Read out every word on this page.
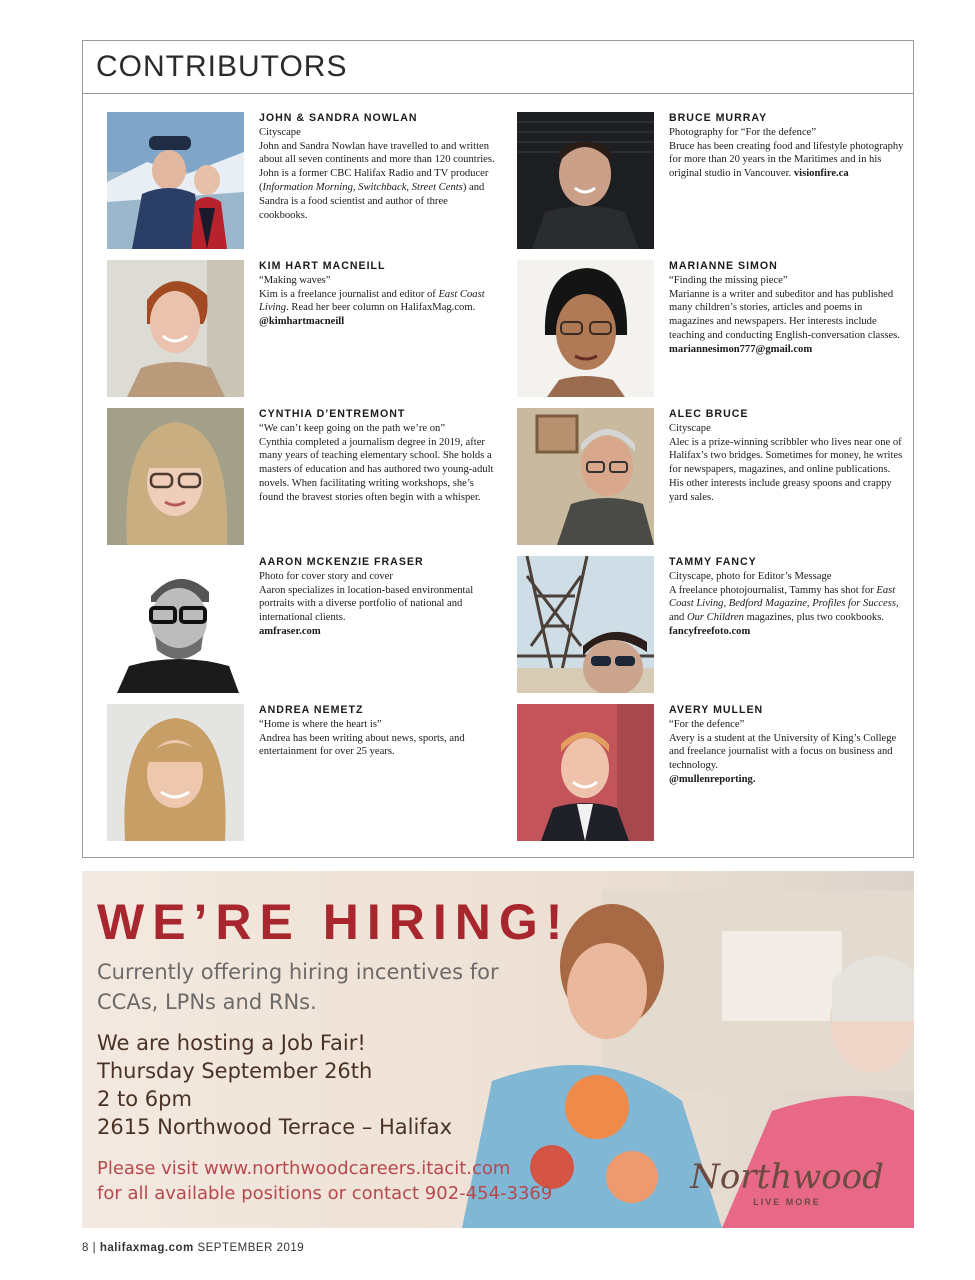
CONTRIBUTORS
JOHN & SANDRA NOWLAN

Cityscape

John and Sandra Nowlan have travelled to and written about all seven continents and more than 120 countries. John is a former CBC Halifax Radio and TV producer (Information Morning, Switchback, Street Cents) and Sandra is a food scientist and author of three cookbooks.

BRUCE MURRAY

Photography for “For the defence”

Bruce has been creating food and lifestyle photography for more than 20 years in the Maritimes and in his original studio in Vancouver. visionfire.ca

KIM HART MACNEILL

“Making waves”

Kim is a freelance journalist and editor of East Coast Living. Read her beer column on HalifaxMag.com.
@kimhartmacneill

MARIANNE SIMON

“Finding the missing piece”

Marianne is a writer and subeditor and has published many children’s stories, articles and poems in magazines and newspapers. Her interests include teaching and conducting English-conversation classes.
mariannesimon777@gmail.com

CYNTHIA D’ENTREMONT

“We can’t keep going on the path we’re on”

Cynthia completed a journalism degree in 2019, after many years of teaching elementary school. She holds a masters of education and has authored two young-adult novels. When facilitating writing workshops, she’s found the bravest stories often begin with a whisper.

ALEC BRUCE

Cityscape

Alec is a prize-winning scribbler who lives near one of Halifax’s two bridges. Sometimes for money, he writes for newspapers, magazines, and online publications. His other interests include greasy spoons and crappy yard sales.

AARON MCKENZIE FRASER

Photo for cover story and cover

Aaron specializes in location-based environmental portraits with a diverse portfolio of national and international clients.
amfraser.com

TAMMY FANCY

Cityscape, photo for Editor’s Message

A freelance photojournalist, Tammy has shot for East Coast Living, Bedford Magazine, Profiles for Success, and Our Children magazines, plus two cookbooks.
fancyfreefoto.com

ANDREA NEMETZ

“Home is where the heart is”

Andrea has been writing about news, sports, and entertainment for over 25 years.

AVERY MULLEN

“For the defence”

Avery is a student at the University of King’s College and freelance journalist with a focus on business and technology.
@mullenreporting.

WE’RE HIRING!
Currently offering hiring incentives for CCAs, LPNs and RNs.
We are hosting a Job Fair!
Thursday September 26th
2 to 6pm
2615 Northwood Terrace – Halifax
Please visit www.northwoodcareers.itacit.com
for all available positions or contact 902-454-3369	Northwood
LIVE MORE
8 | halifaxmag.com SEPTEMBER 2019
